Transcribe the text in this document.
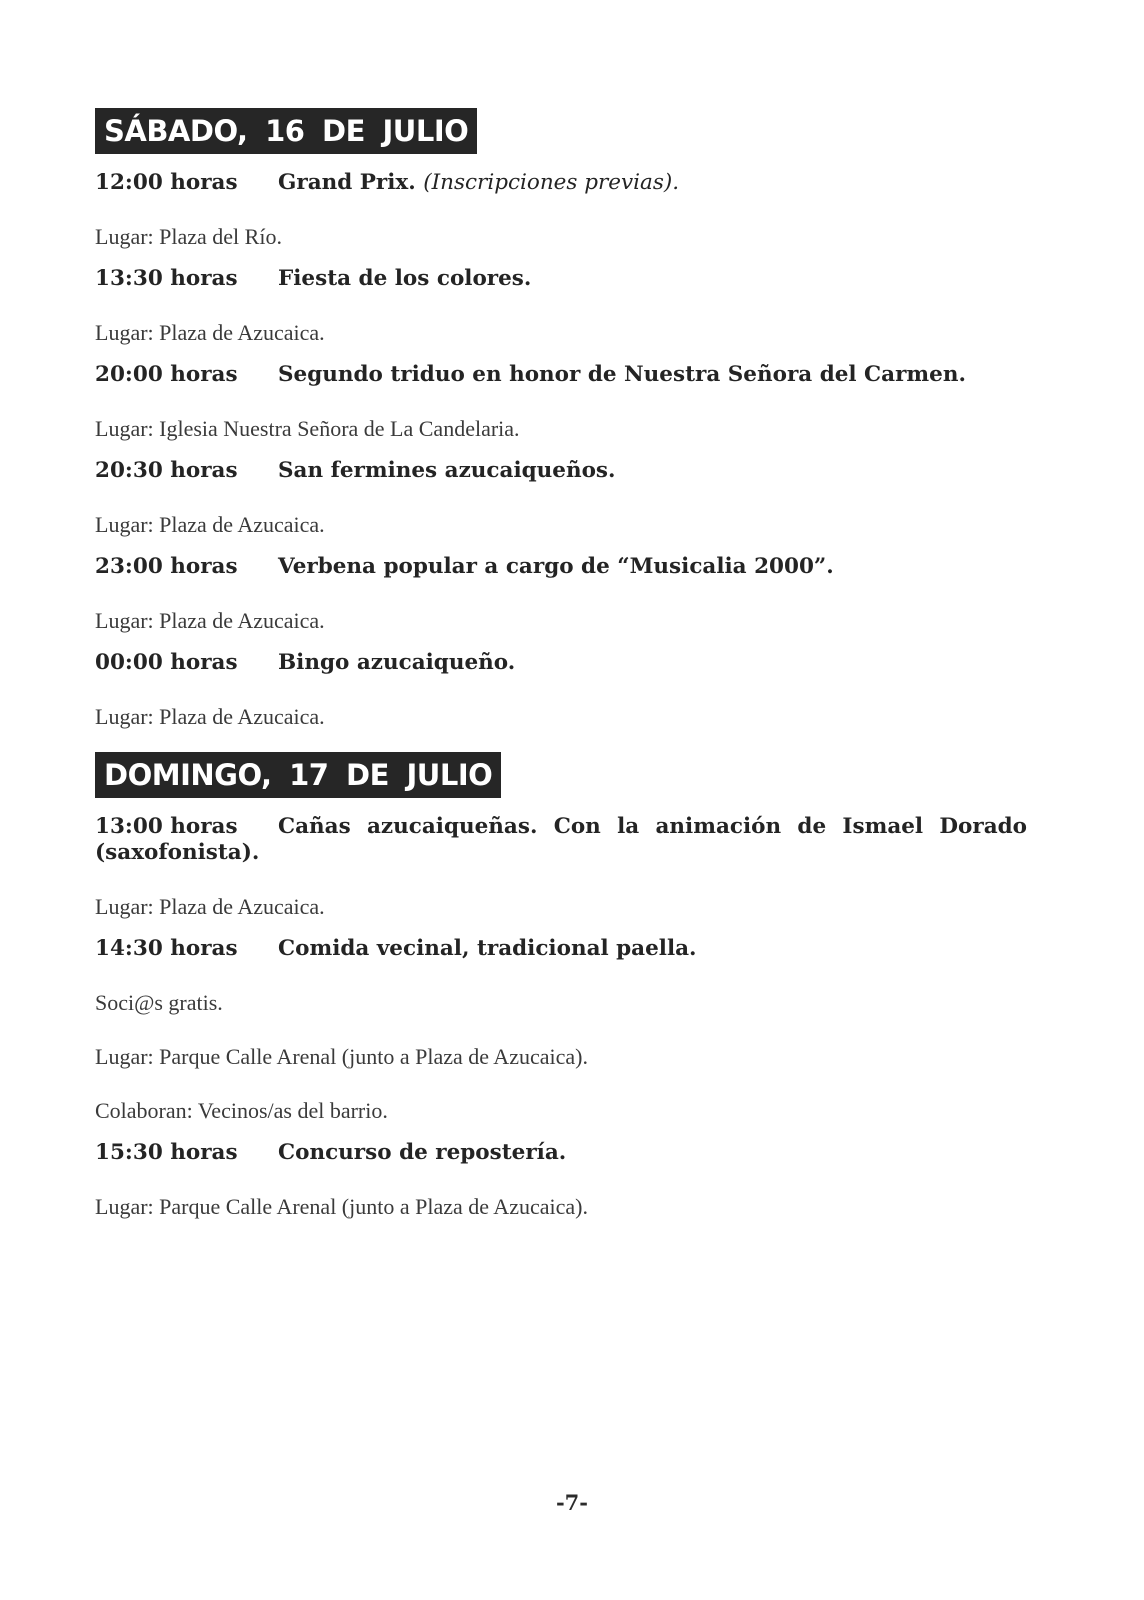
SÁBADO, 16 DE JULIO
12:00 horas	Grand Prix. (Inscripciones previas).
Lugar: Plaza del Río.
13:30 horas	Fiesta de los colores.
Lugar: Plaza de Azucaica.
20:00 horas	Segundo triduo en honor de Nuestra Señora del Carmen.
Lugar: Iglesia Nuestra Señora de La Candelaria.
20:30 horas	San fermines azucaiqueños.
Lugar: Plaza de Azucaica.
23:00 horas	Verbena popular a cargo de “Musicalia 2000”.
Lugar: Plaza de Azucaica.
00:00 horas	Bingo azucaiqueño.
Lugar: Plaza de Azucaica.
DOMINGO, 17 DE JULIO
13:00 horas Cañas azucaiqueñas. Con la animación de Ismael Dorado (saxofonista).
Lugar: Plaza de Azucaica.
14:30 horas	Comida vecinal, tradicional paella.
Soci@s gratis.
Lugar: Parque Calle Arenal (junto a Plaza de Azucaica).
Colaboran: Vecinos/as del barrio.
15:30 horas	Concurso de repostería.
Lugar: Parque Calle Arenal (junto a Plaza de Azucaica).
-7-
